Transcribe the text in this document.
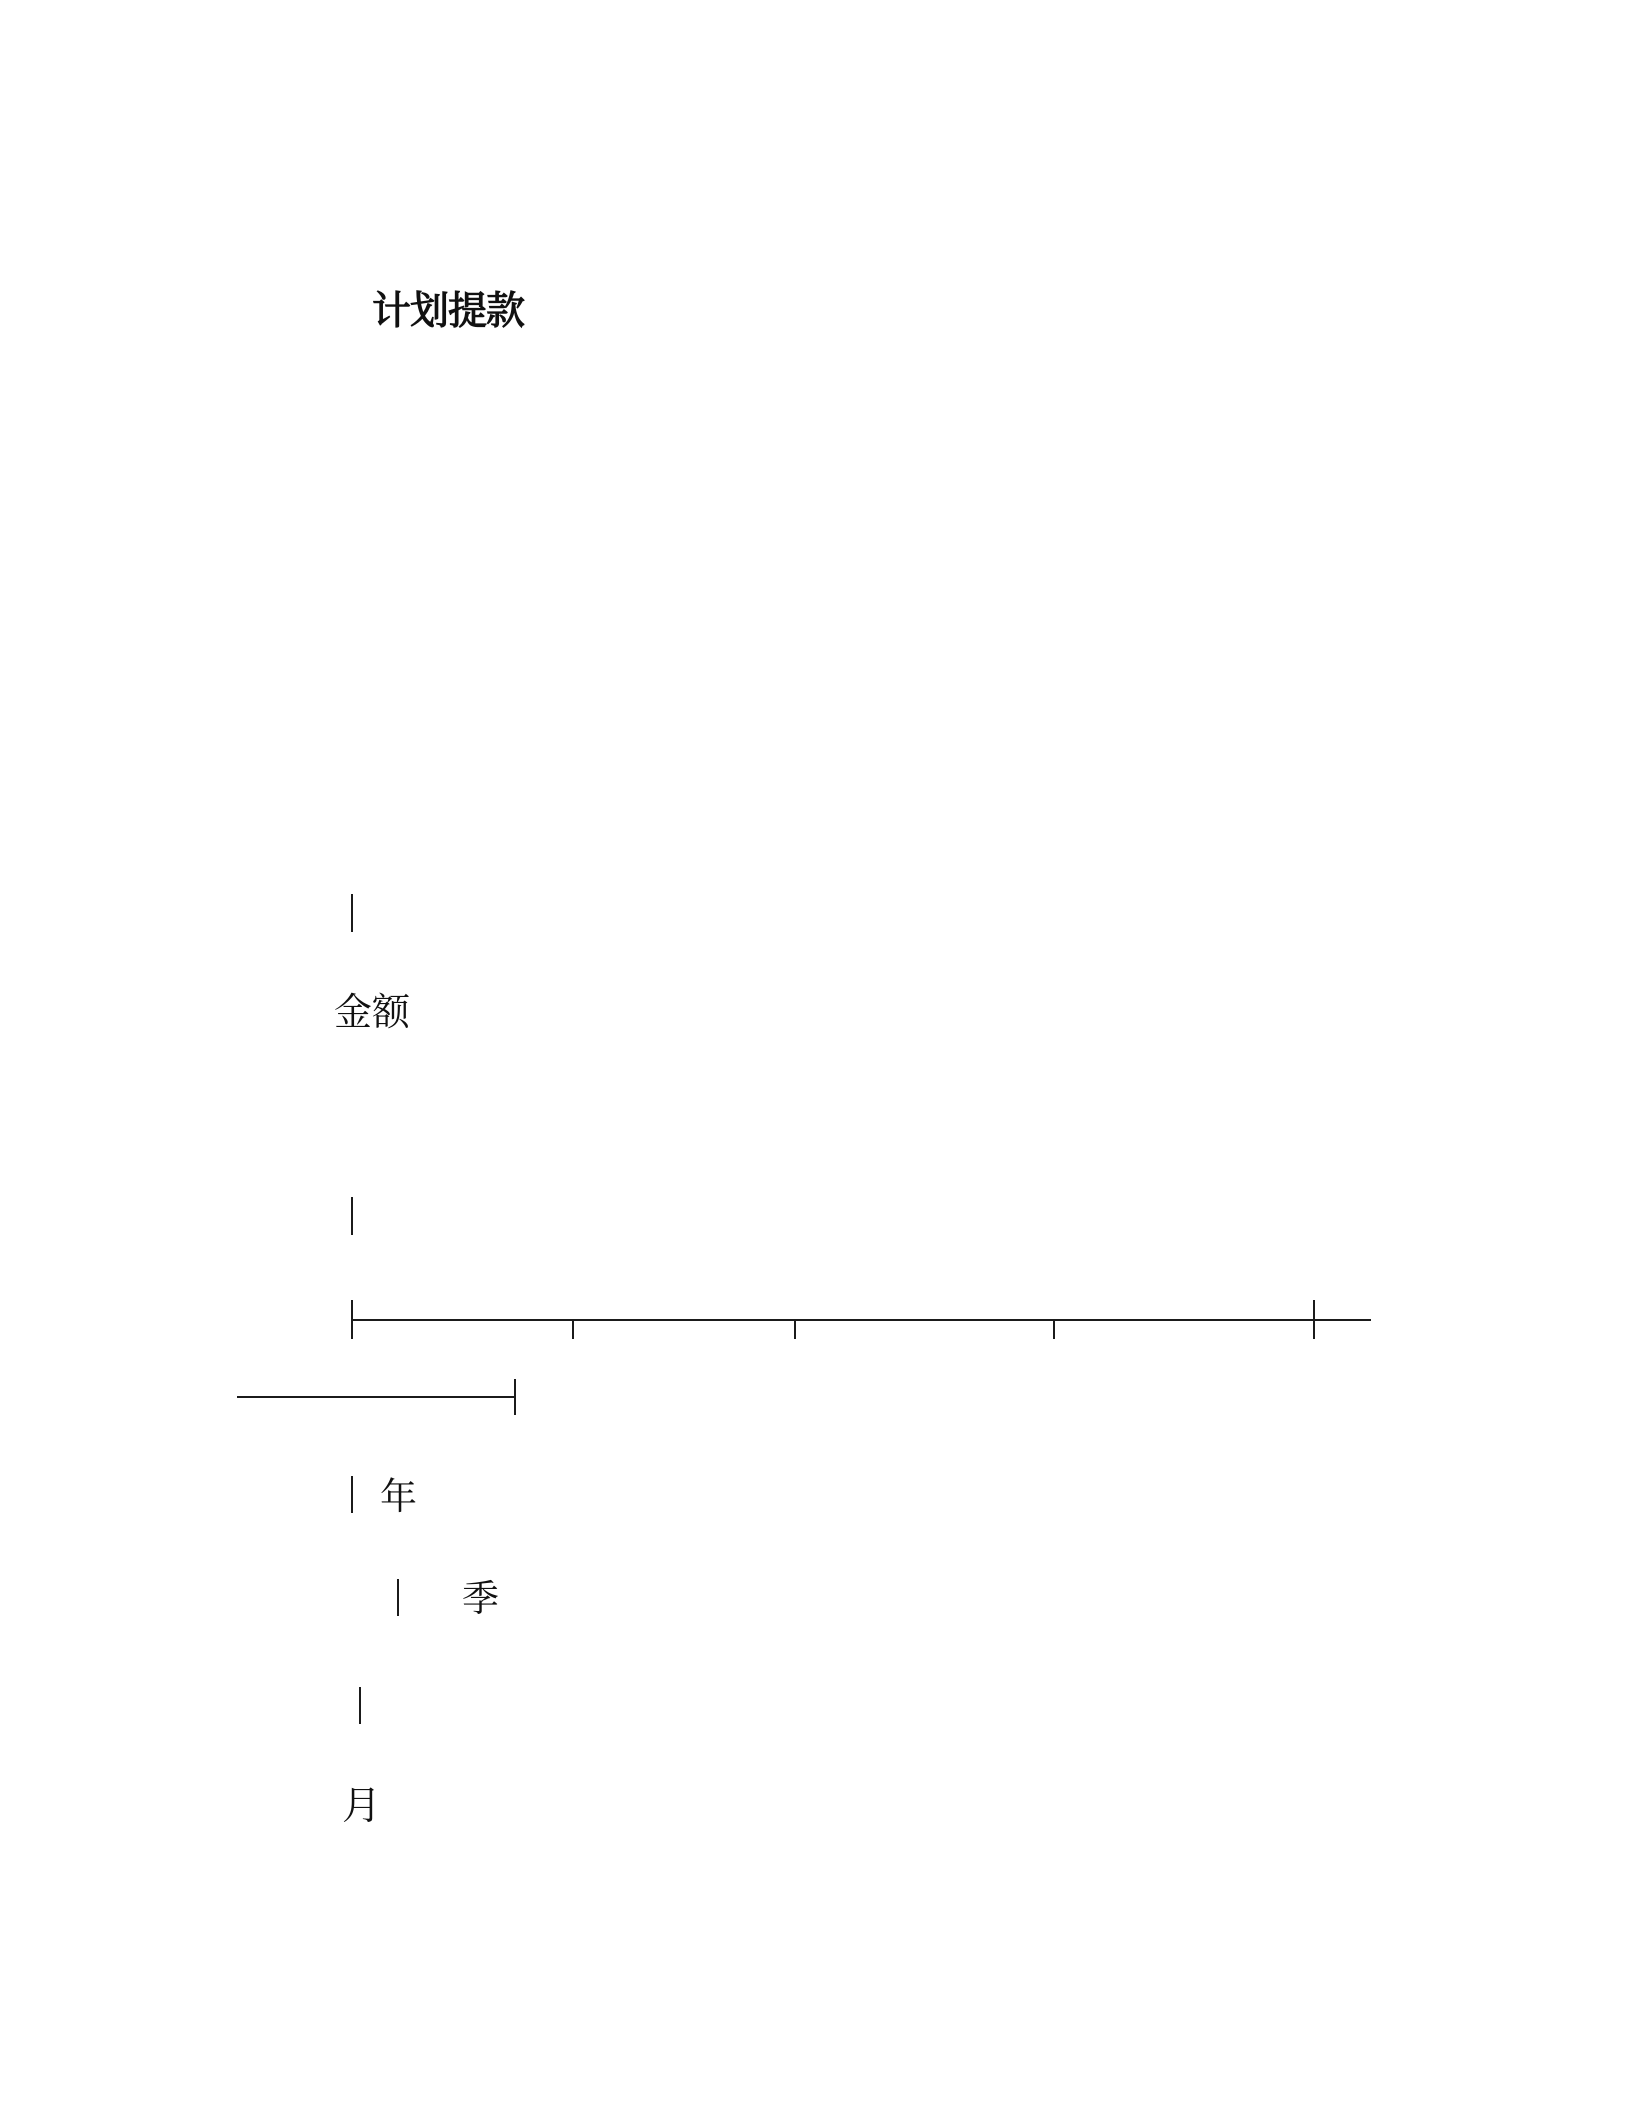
计划提款
金额
年
季
月
